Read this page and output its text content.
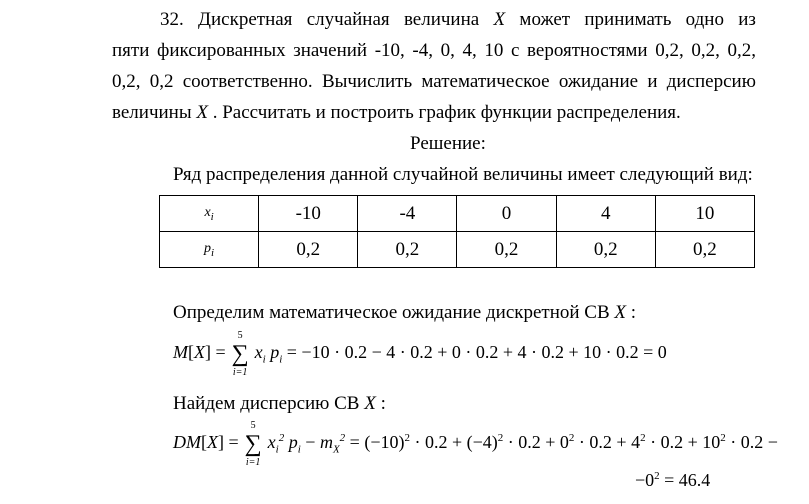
32. Дискретная случайная величина X может принимать одно из
пяти фиксированных значений -10, -4, 0, 4, 10 с вероятностями 0,2, 0,2, 0,2,
0,2, 0,2 соответственно. Вычислить математическое ожидание и дисперсию
величины X . Рассчитать и построить график функции распределения.
Решение:
Ряд распределения данной случайной величины имеет следующий вид:
$x_i$	-10	-4	0	4	10
$p_i$	0,2	0,2	0,2	0,2	0,2
Определим математическое ожидание дискретной СВ X :
M[X] =
5
∑
i=1
$x_i$ $p_i = -10 \cdot 0.2 - 4 \cdot 0.2 + 0 \cdot 0.2 + 4 \cdot 0.2 + 10 \cdot 0.2 = 0$
Найдем дисперсию СВ X :
DM[X] =
5
∑
i=1
$x_i^2$ $p_i - m_X^2 = (-10)^2 \cdot 0.2 + (-4)^2 \cdot 0.2 + 0^2 \cdot 0.2 + 4^2 \cdot 0.2 + 10^2 \cdot 0.2$ −
$-0^2 = 46.4$
